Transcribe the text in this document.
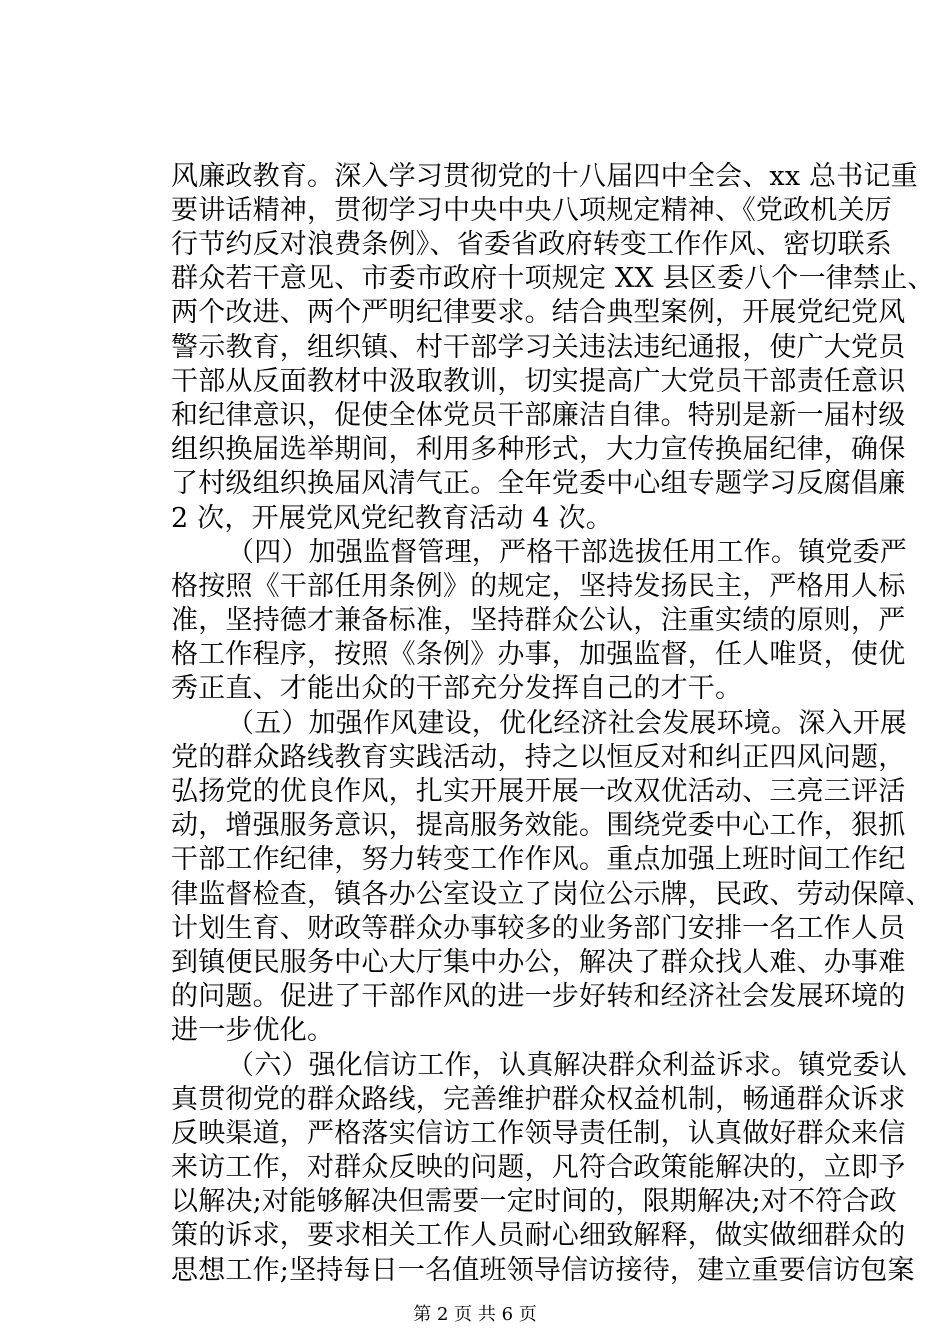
风廉政教育。深入学习贯彻党的十八届四中全会、xx 总书记重
要讲话精神，贯彻学习中央中央八项规定精神、《党政机关厉
行节约反对浪费条例》、省委省政府转变工作作风、密切联系
群众若干意见、市委市政府十项规定 XX 县区委八个一律禁止、
两个改进、两个严明纪律要求。结合典型案例，开展党纪党风
警示教育，组织镇、村干部学习关违法违纪通报，使广大党员
干部从反面教材中汲取教训，切实提高广大党员干部责任意识
和纪律意识，促使全体党员干部廉洁自律。特别是新一届村级
组织换届选举期间，利用多种形式，大力宣传换届纪律，确保
了村级组织换届风清气正。全年党委中心组专题学习反腐倡廉
2 次，开展党风党纪教育活动 4 次。
（四）加强监督管理，严格干部选拔任用工作。镇党委严
格按照《干部任用条例》的规定，坚持发扬民主，严格用人标
准，坚持德才兼备标准，坚持群众公认，注重实绩的原则，严
格工作程序，按照《条例》办事，加强监督，任人唯贤，使优
秀正直、才能出众的干部充分发挥自己的才干。
（五）加强作风建设，优化经济社会发展环境。深入开展
党的群众路线教育实践活动，持之以恒反对和纠正四风问题，
弘扬党的优良作风，扎实开展开展一改双优活动、三亮三评活
动，增强服务意识，提高服务效能。围绕党委中心工作，狠抓
干部工作纪律，努力转变工作作风。重点加强上班时间工作纪
律监督检查，镇各办公室设立了岗位公示牌，民政、劳动保障、
计划生育、财政等群众办事较多的业务部门安排一名工作人员
到镇便民服务中心大厅集中办公，解决了群众找人难、办事难
的问题。促进了干部作风的进一步好转和经济社会发展环境的
进一步优化。
（六）强化信访工作，认真解决群众利益诉求。镇党委认
真贯彻党的群众路线，完善维护群众权益机制，畅通群众诉求
反映渠道，严格落实信访工作领导责任制，认真做好群众来信
来访工作，对群众反映的问题，凡符合政策能解决的，立即予
以解决;对能够解决但需要一定时间的，限期解决;对不符合政
策的诉求，要求相关工作人员耐心细致解释，做实做细群众的
思想工作;坚持每日一名值班领导信访接待，建立重要信访包案
第 2 页 共 6 页
